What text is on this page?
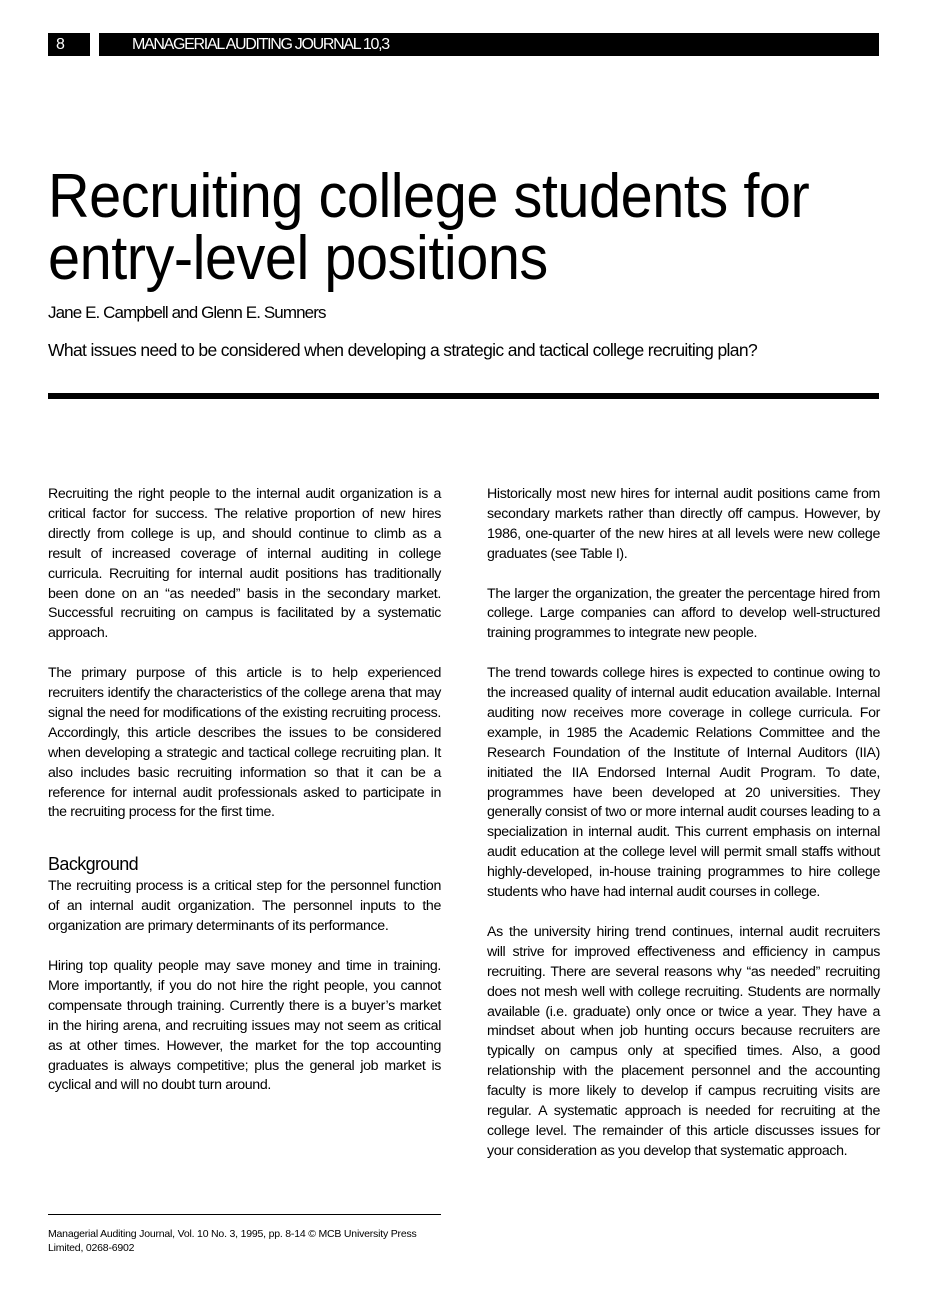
8	MANAGERIAL AUDITING JOURNAL 10,3
Recruiting college students for entry-level positions
Jane E. Campbell and Glenn E. Sumners
What issues need to be considered when developing a strategic and tactical college recruiting plan?

Recruiting the right people to the internal audit organization is a critical factor for success. The relative proportion of new hires directly from college is up, and should continue to climb as a result of increased coverage of internal auditing in college curricula. Recruiting for internal audit positions has traditionally been done on an “as needed” basis in the secondary market. Successful recruiting on campus is facilitated by a systematic approach.

The primary purpose of this article is to help experienced recruiters identify the characteristics of the college arena that may signal the need for modifications of the existing recruiting process. Accordingly, this article describes the issues to be considered when developing a strategic and tactical college recruiting plan. It also includes basic recruiting information so that it can be a reference for internal audit professionals asked to participate in the recruiting process for the first time.

Background

The recruiting process is a critical step for the personnel function of an internal audit organization. The personnel inputs to the organization are primary determinants of its performance.

Hiring top quality people may save money and time in training. More importantly, if you do not hire the right people, you cannot compensate through training. Currently there is a buyer’s market in the hiring arena, and recruiting issues may not seem as critical as at other times. However, the market for the top accounting graduates is always competitive; plus the general job market is cyclical and will no doubt turn around.

Historically most new hires for internal audit positions came from secondary markets rather than directly off campus. However, by 1986, one-quarter of the new hires at all levels were new college graduates (see Table I).

The larger the organization, the greater the percentage hired from college. Large companies can afford to develop well-structured training programmes to integrate new people.

The trend towards college hires is expected to continue owing to the increased quality of internal audit education available. Internal auditing now receives more coverage in college curricula. For example, in 1985 the Academic Relations Committee and the Research Foundation of the Institute of Internal Auditors (IIA) initiated the IIA Endorsed Internal Audit Program. To date, programmes have been developed at 20 universities. They generally consist of two or more internal audit courses leading to a specialization in internal audit. This current emphasis on internal audit education at the college level will permit small staffs without highly-developed, in-house training programmes to hire college students who have had internal audit courses in college.

As the university hiring trend continues, internal audit recruiters will strive for improved effectiveness and efficiency in campus recruiting. There are several reasons why “as needed” recruiting does not mesh well with college recruiting. Students are normally available (i.e. graduate) only once or twice a year. They have a mindset about when job hunting occurs because recruiters are typically on campus only at specified times. Also, a good relationship with the placement personnel and the accounting faculty is more likely to develop if campus recruiting visits are regular. A systematic approach is needed for recruiting at the college level. The remainder of this article discusses issues for your consideration as you develop that systematic approach.

Managerial Auditing Journal, Vol. 10 No. 3, 1995, pp. 8-14 © MCB University Press Limited, 0268-6902
